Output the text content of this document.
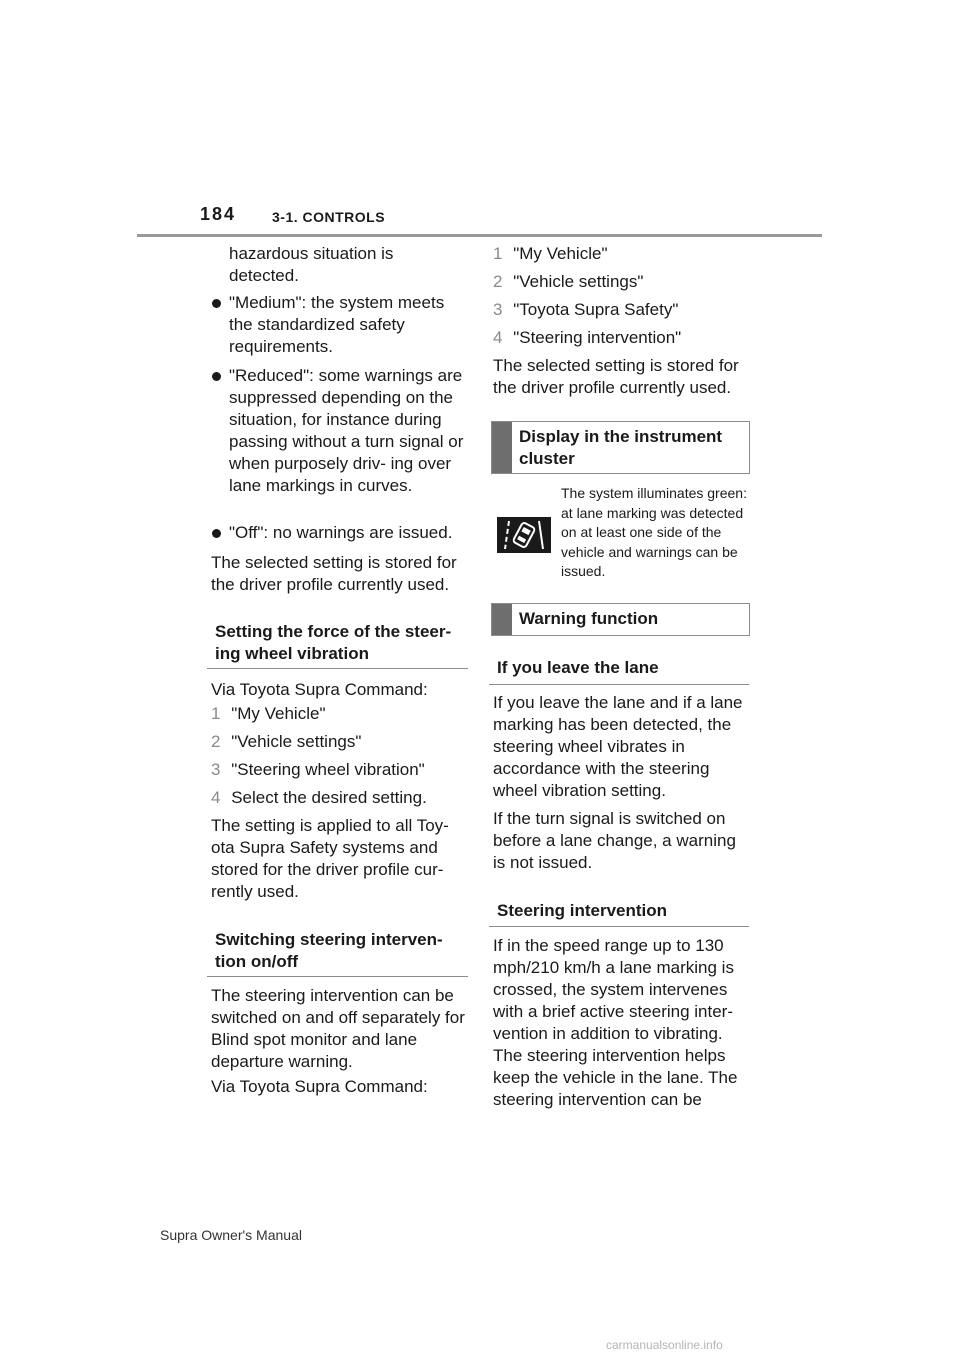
184	3-1. CONTROLS
hazardous situation is detected.
"Medium": the system meets the standardized safety requirements.
"Reduced": some warnings are suppressed depending on the situation, for instance during passing without a turn signal or when purposely driv- ing over lane markings in curves.
"Off": no warnings are issued.
The selected setting is stored for the driver profile currently used.
Setting the force of the steer- ing wheel vibration
Via Toyota Supra Command:
1 "My Vehicle"
2 "Vehicle settings"
3 "Steering wheel vibration"
4 Select the desired setting.
The setting is applied to all Toy- ota Supra Safety systems and stored for the driver profile cur- rently used.
Switching steering interven- tion on/off
The steering intervention can be switched on and off separately for Blind spot monitor and lane departure warning.
Via Toyota Supra Command:
1 "My Vehicle"
2 "Vehicle settings"
3 "Toyota Supra Safety"
4 "Steering intervention"
The selected setting is stored for the driver profile currently used.
Display in the instrument cluster
The system illuminates green: at lane marking was detected on at least one side of the vehicle and warnings can be issued.
Warning function
If you leave the lane
If you leave the lane and if a lane marking has been detected, the steering wheel vibrates in accordance with the steering wheel vibration setting.
If the turn signal is switched on before a lane change, a warning is not issued.
Steering intervention
If in the speed range up to 130 mph/210 km/h a lane marking is crossed, the system intervenes with a brief active steering inter- vention in addition to vibrating. The steering intervention helps keep the vehicle in the lane. The steering intervention can be
Supra Owner's Manual
carmanualsonline.info
